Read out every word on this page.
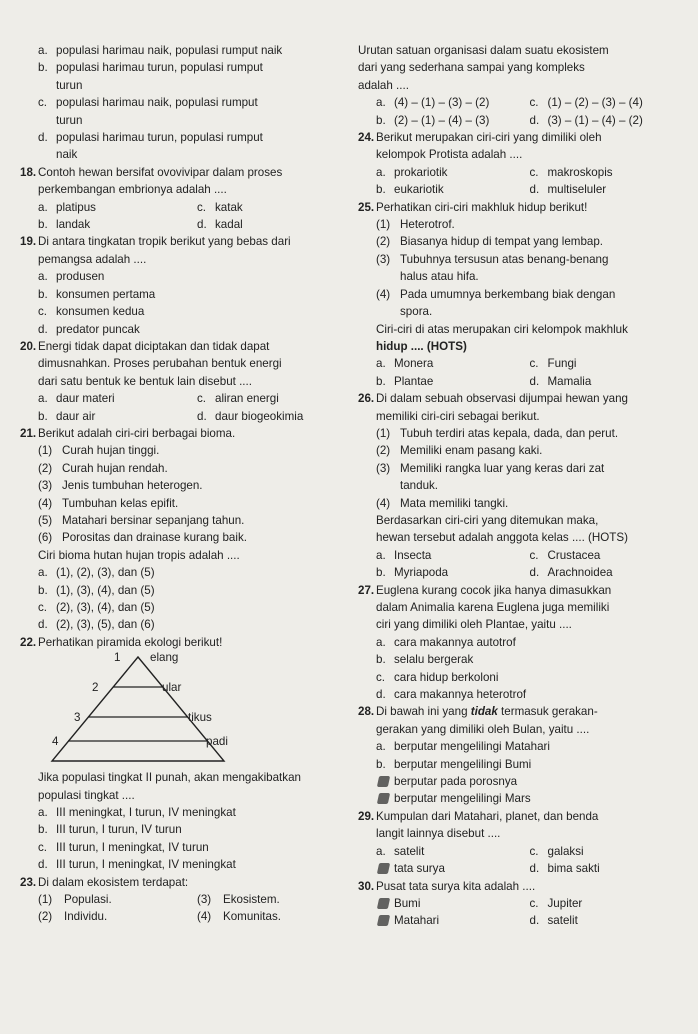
a. populasi harimau naik, populasi rumput naik
b. populasi harimau turun, populasi rumput
turun
c. populasi harimau naik, populasi rumput
turun
d. populasi harimau turun, populasi rumput
naik
18. Contoh hewan bersifat ovovivipar dalam proses
perkembangan embrionya adalah ....
a. platipus	c. katak
b. landak	d. kadal
19. Di antara tingkatan tropik berikut yang bebas dari
pemangsa adalah ....
a. produsen
b. konsumen pertama
c. konsumen kedua
d. predator puncak
20. Energi tidak dapat diciptakan dan tidak dapat
dimusnahkan. Proses perubahan bentuk energi
dari satu bentuk ke bentuk lain disebut ....
a. daur materi	c. aliran energi
b. daur air	d. daur biogeokimia
21. Berikut adalah ciri-ciri berbagai bioma.
(1) Curah hujan tinggi.
(2) Curah hujan rendah.
(3) Jenis tumbuhan heterogen.
(4) Tumbuhan kelas epifit.
(5) Matahari bersinar sepanjang tahun.
(6) Porositas dan drainase kurang baik.
Ciri bioma hutan hujan tropis adalah ....
a. (1), (2), (3), dan (5)
b. (1), (3), (4), dan (5)
c. (2), (3), (4), dan (5)
d. (2), (3), (5), dan (6)
22. Perhatikan piramida ekologi berikut!
1	elang
2	ular
3	tikus
4	padi
Jika populasi tingkat II punah, akan mengakibatkan
populasi tingkat ....
a. III meningkat, I turun, IV meningkat
b. III turun, I turun, IV turun
c. III turun, I meningkat, IV turun
d. III turun, I meningkat, IV meningkat
23. Di dalam ekosistem terdapat:
(1)	Populasi.	(3)	Ekosistem.
(2)	Individu.	(4)	Komunitas.
Urutan satuan organisasi dalam suatu ekosistem
dari yang sederhana sampai yang kompleks
adalah ....
a. (4) – (1) – (3) – (2)	c. (1) – (2) – (3) – (4)
b. (2) – (1) – (4) – (3)	d. (3) – (1) – (4) – (2)
24. Berikut merupakan ciri-ciri yang dimiliki oleh
kelompok Protista adalah ....
a. prokariotik	c. makroskopis
b. eukariotik	d. multiseluler
25. Perhatikan ciri-ciri makhluk hidup berikut!
(1) Heterotrof.
(2) Biasanya hidup di tempat yang lembap.
(3) Tubuhnya tersusun atas benang-benang
halus atau hifa.
(4) Pada umumnya berkembang biak dengan
spora.
Ciri-ciri di atas merupakan ciri kelompok makhluk
hidup .... (HOTS)
a. Monera	c. Fungi
b. Plantae	d. Mamalia
26. Di dalam sebuah observasi dijumpai hewan yang
memiliki ciri-ciri sebagai berikut.
(1) Tubuh terdiri atas kepala, dada, dan perut.
(2) Memiliki enam pasang kaki.
(3) Memiliki rangka luar yang keras dari zat
tanduk.
(4) Mata memiliki tangki.
Berdasarkan ciri-ciri yang ditemukan maka,
hewan tersebut adalah anggota kelas .... (HOTS)
a. Insecta	c. Crustacea
b. Myriapoda	d. Arachnoidea
27. Euglena kurang cocok jika hanya dimasukkan
dalam Animalia karena Euglena juga memiliki
ciri yang dimiliki oleh Plantae, yaitu ....
a. cara makannya autotrof
b. selalu bergerak
c. cara hidup berkoloni
d. cara makannya heterotrof
28. Di bawah ini yang tidak termasuk gerakan-
gerakan yang dimiliki oleh Bulan, yaitu ....
a. berputar mengelilingi Matahari
b. berputar mengelilingi Bumi
berputar pada porosnya
berputar mengelilingi Mars
29. Kumpulan dari Matahari, planet, dan benda
langit lainnya disebut ....
a. satelit	c. galaksi
tata surya	d. bima sakti
30. Pusat tata surya kita adalah ....
Bumi	c. Jupiter
Matahari	d. satelit
